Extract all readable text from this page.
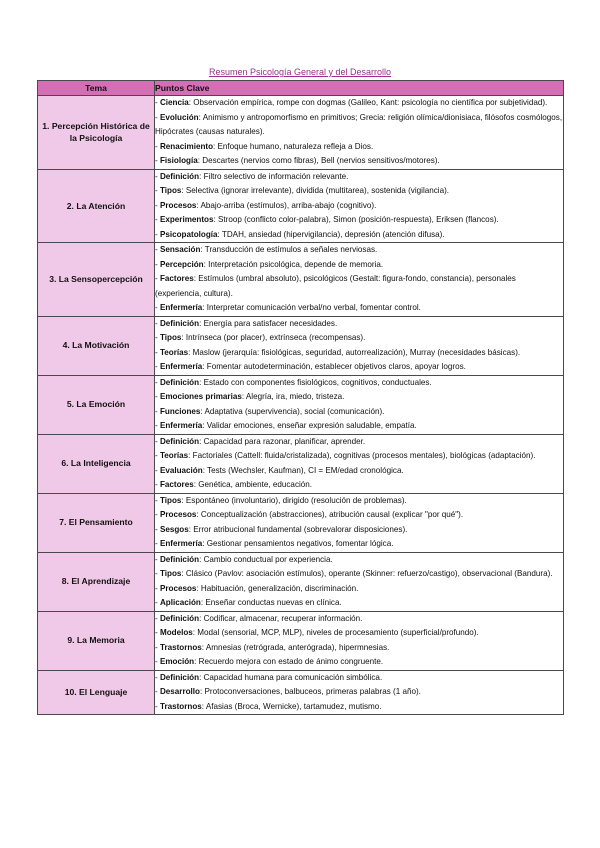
Resumen Psicología General y del Desarrollo
Tema	Puntos Clave
1. Percepción Histórica de la Psicología	- Ciencia: Observación empírica, rompe con dogmas (Galileo, Kant: psicología no científica por subjetividad).
- Evolución: Animismo y antropomorfismo en primitivos; Grecia: religión olímica/dionisiaca, filósofos cosmólogos, Hipócrates (causas naturales).
- Renacimiento: Enfoque humano, naturaleza refleja a Dios.
- Fisiología: Descartes (nervios como fibras), Bell (nervios sensitivos/motores).

2. La Atención	- Definición: Filtro selectivo de información relevante.
- Tipos: Selectiva (ignorar irrelevante), dividida (multitarea), sostenida (vigilancia).
- Procesos: Abajo-arriba (estímulos), arriba-abajo (cognitivo).
- Experimentos: Stroop (conflicto color-palabra), Simon (posición-respuesta), Eriksen (flancos).
- Psicopatología: TDAH, ansiedad (hipervigilancia), depresión (atención difusa).

3. La Sensopercepción	- Sensación: Transducción de estímulos a señales nerviosas.
- Percepción: Interpretación psicológica, depende de memoria.
- Factores: Estímulos (umbral absoluto), psicológicos (Gestalt: figura-fondo, constancia), personales (experiencia, cultura).
- Enfermería: Interpretar comunicación verbal/no verbal, fomentar control.

4. La Motivación	- Definición: Energía para satisfacer necesidades.
- Tipos: Intrínseca (por placer), extrínseca (recompensas).
- Teorías: Maslow (jerarquía: fisiológicas, seguridad, autorrealización), Murray (necesidades básicas).
- Enfermería: Fomentar autodeterminación, establecer objetivos claros, apoyar logros.

5. La Emoción	- Definición: Estado con componentes fisiológicos, cognitivos, conductuales.
- Emociones primarias: Alegría, ira, miedo, tristeza.
- Funciones: Adaptativa (supervivencia), social (comunicación).
- Enfermería: Validar emociones, enseñar expresión saludable, empatía.

6. La Inteligencia	- Definición: Capacidad para razonar, planificar, aprender.
- Teorías: Factoriales (Cattell: fluida/cristalizada), cognitivas (procesos mentales), biológicas (adaptación).
- Evaluación: Tests (Wechsler, Kaufman), CI = EM/edad cronológica.
- Factores: Genética, ambiente, educación.

7. El Pensamiento	- Tipos: Espontáneo (involuntario), dirigido (resolución de problemas).
- Procesos: Conceptualización (abstracciones), atribución causal (explicar "por qué").
- Sesgos: Error atribucional fundamental (sobrevalorar disposiciones).
- Enfermería: Gestionar pensamientos negativos, fomentar lógica.

8. El Aprendizaje	- Definición: Cambio conductual por experiencia.
- Tipos: Clásico (Pavlov: asociación estímulos), operante (Skinner: refuerzo/castigo), observacional (Bandura).
- Procesos: Habituación, generalización, discriminación.
- Aplicación: Enseñar conductas nuevas en clínica.

9. La Memoria	- Definición: Codificar, almacenar, recuperar información.
- Modelos: Modal (sensorial, MCP, MLP), niveles de procesamiento (superficial/profundo).
- Trastornos: Amnesias (retrógrada, anterógrada), hipermnesias.
- Emoción: Recuerdo mejora con estado de ánimo congruente.

10. El Lenguaje	- Definición: Capacidad humana para comunicación simbólica.
- Desarrollo: Protoconversaciones, balbuceos, primeras palabras (1 año).
- Trastornos: Afasias (Broca, Wernicke), tartamudez, mutismo.
